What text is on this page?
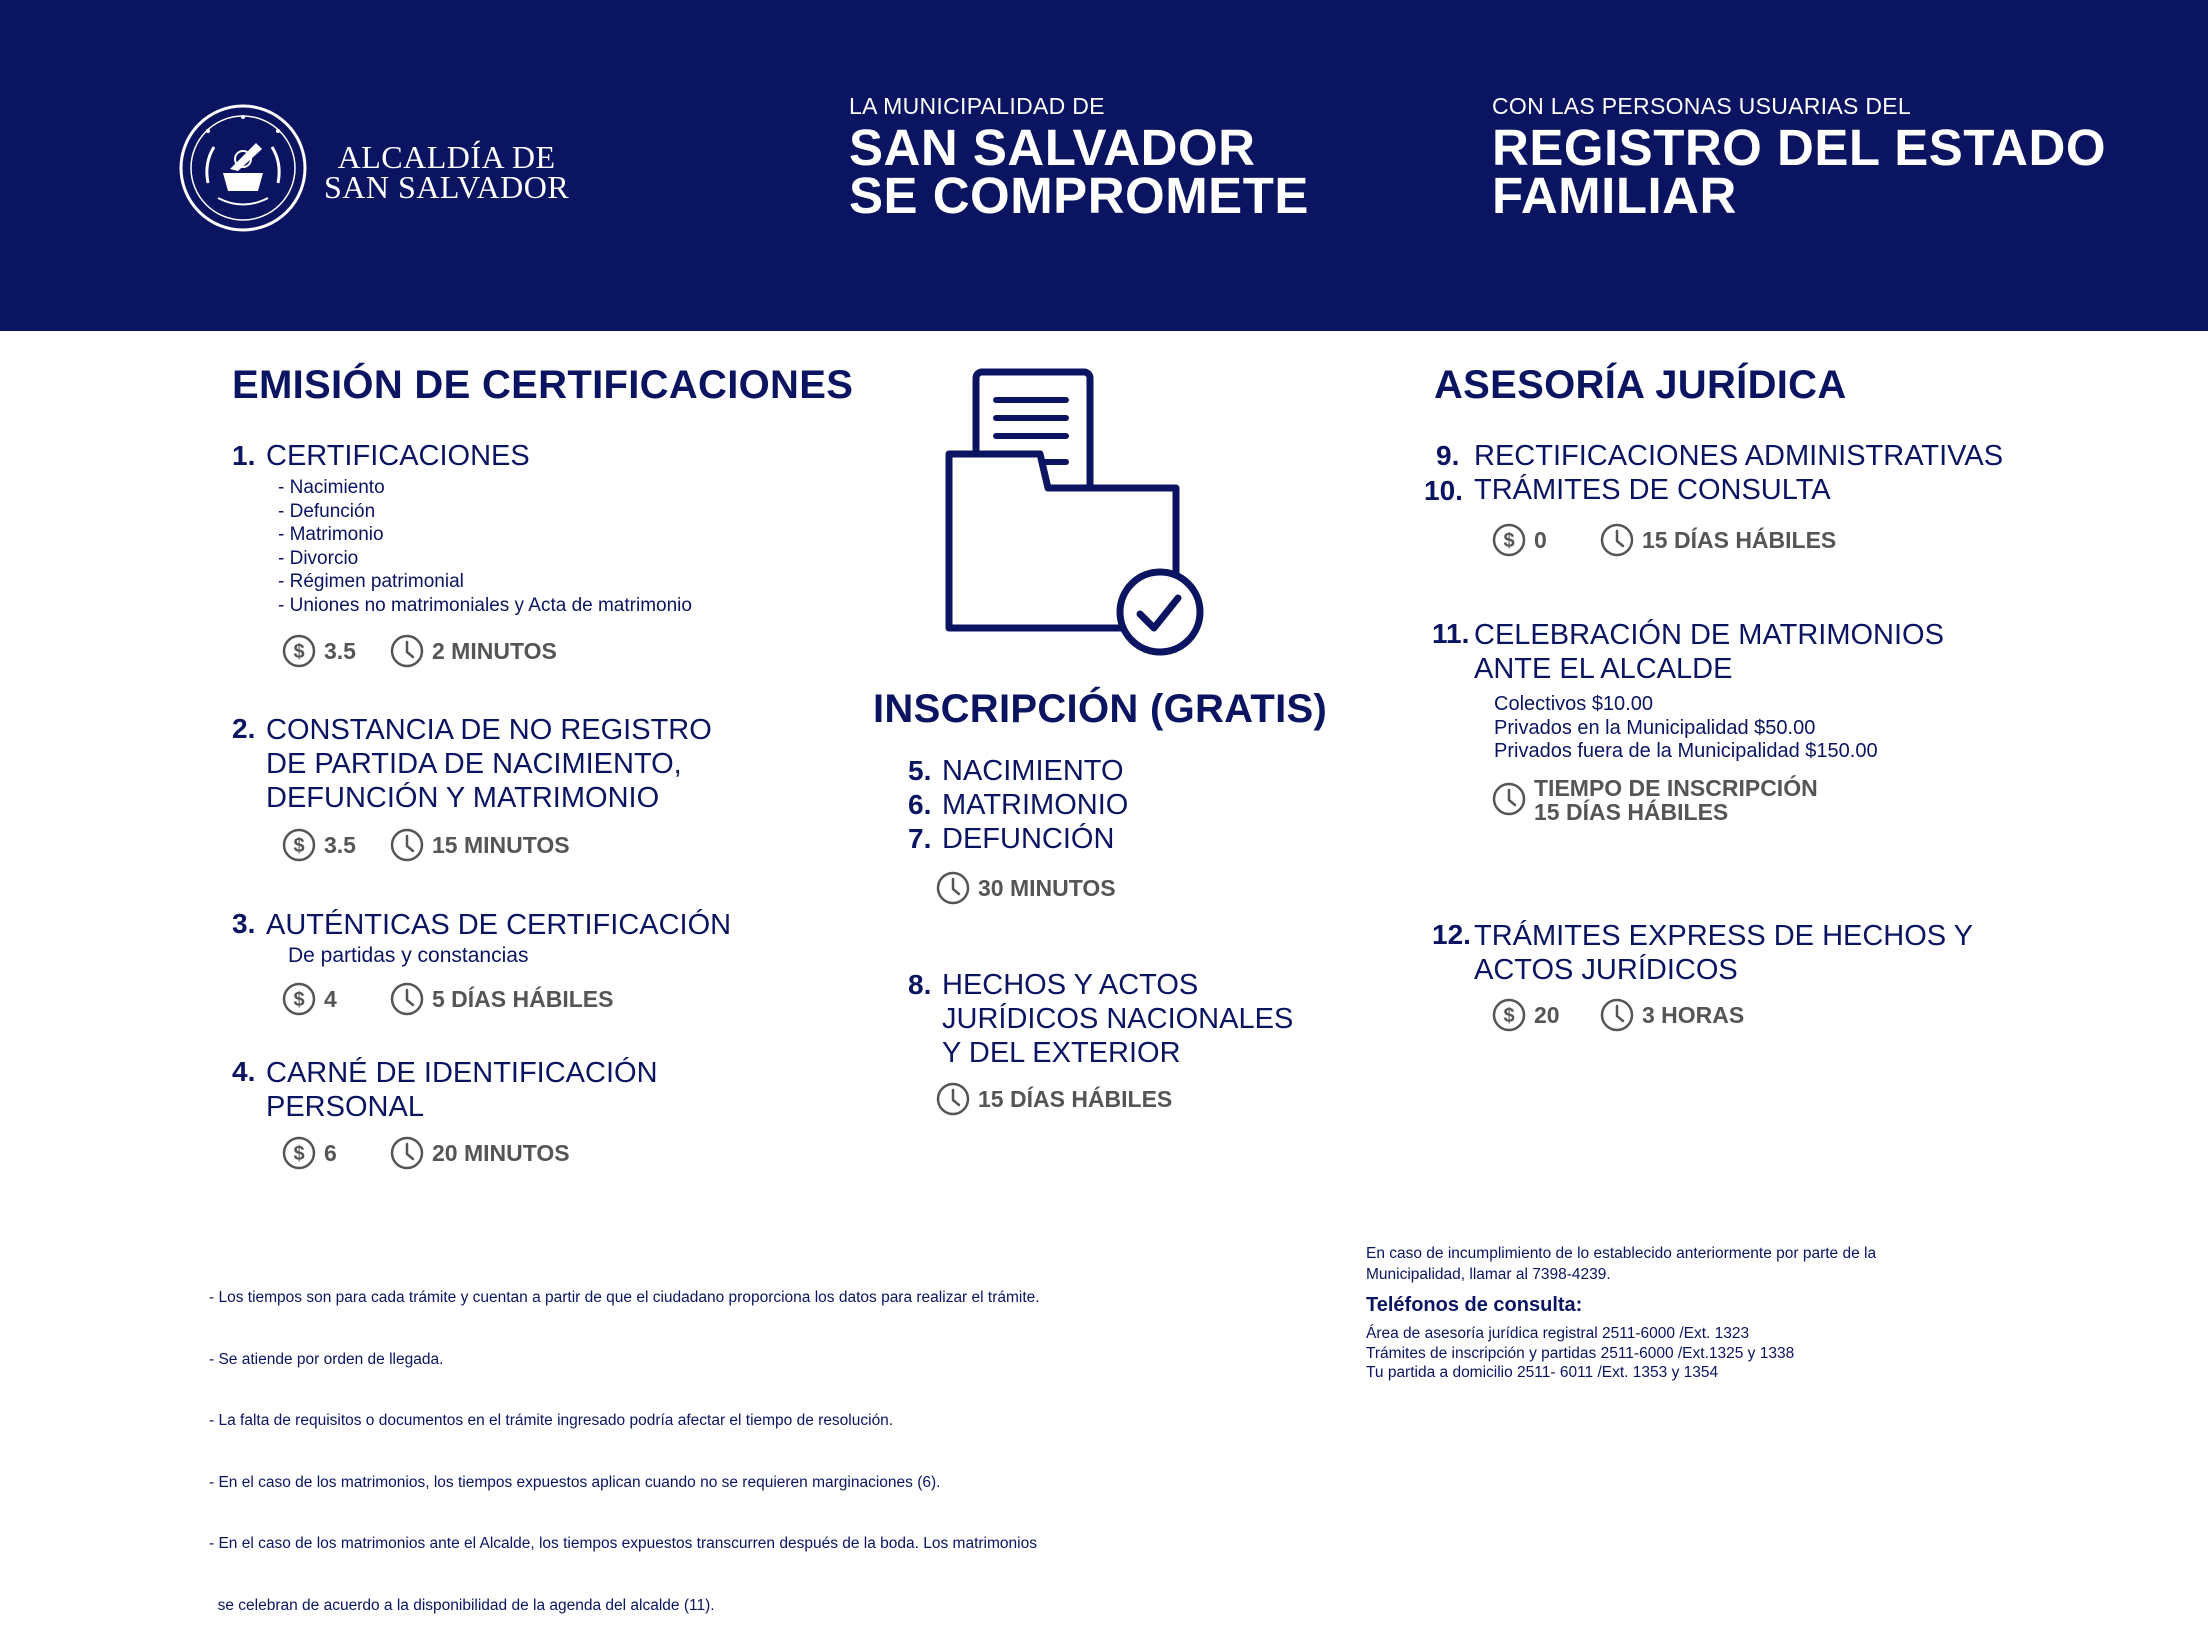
ALCALDÍA DE
SAN SALVADOR
LA MUNICIPALIDAD DE
SAN SALVADOR
SE COMPROMETE
CON LAS PERSONAS USUARIAS DEL
REGISTRO DEL ESTADO
FAMILIAR
EMISIÓN DE CERTIFICACIONES
1. CERTIFICACIONES
- Nacimiento
- Defunción
- Matrimonio
- Divorcio
- Régimen patrimonial
- Uniones no matrimoniales y Acta de matrimonio
$ 3.5	2 MINUTOS
2. CONSTANCIA DE NO REGISTRO
DE PARTIDA DE NACIMIENTO,
DEFUNCIÓN Y MATRIMONIO
$ 3.5	15 MINUTOS
3. AUTÉNTICAS DE CERTIFICACIÓN
De partidas y constancias
$ 4	5 DÍAS HÁBILES
4. CARNÉ DE IDENTIFICACIÓN
PERSONAL
$ 6	20 MINUTOS
INSCRIPCIÓN (GRATIS)
5. NACIMIENTO
6. MATRIMONIO
7. DEFUNCIÓN
30 MINUTOS
8. HECHOS Y ACTOS
JURÍDICOS NACIONALES
Y DEL EXTERIOR
15 DÍAS HÁBILES
ASESORÍA JURÍDICA
9. RECTIFICACIONES ADMINISTRATIVAS
10. TRÁMITES DE CONSULTA
$ 0	15 DÍAS HÁBILES
11. CELEBRACIÓN DE MATRIMONIOS
ANTE EL ALCALDE
Colectivos $10.00
Privados en la Municipalidad $50.00
Privados fuera de la Municipalidad $150.00
TIEMPO DE INSCRIPCIÓN
15 DÍAS HÁBILES
12. TRÁMITES EXPRESS DE HECHOS Y
ACTOS JURÍDICOS
$ 20	3 HORAS

- Los tiempos son para cada trámite y cuentan a partir de que el ciudadano proporciona los datos para realizar el trámite.

- Se atiende por orden de llegada.

- La falta de requisitos o documentos en el trámite ingresado podría afectar el tiempo de resolución.

- En el caso de los matrimonios, los tiempos expuestos aplican cuando no se requieren marginaciones (6).

- En el caso de los matrimonios ante el Alcalde, los tiempos expuestos transcurren después de la boda. Los matrimonios

se celebran de acuerdo a la disponibilidad de la agenda del alcalde (11).

En caso de incumplimiento de lo establecido anteriormente por parte de la
Municipalidad, llamar al 7398-4239.
Teléfonos de consulta:
Área de asesoría jurídica registral 2511-6000 /Ext. 1323
Trámites de inscripción y partidas 2511-6000 /Ext.1325 y 1338
Tu partida a domicilio 2511- 6011 /Ext. 1353 y 1354
